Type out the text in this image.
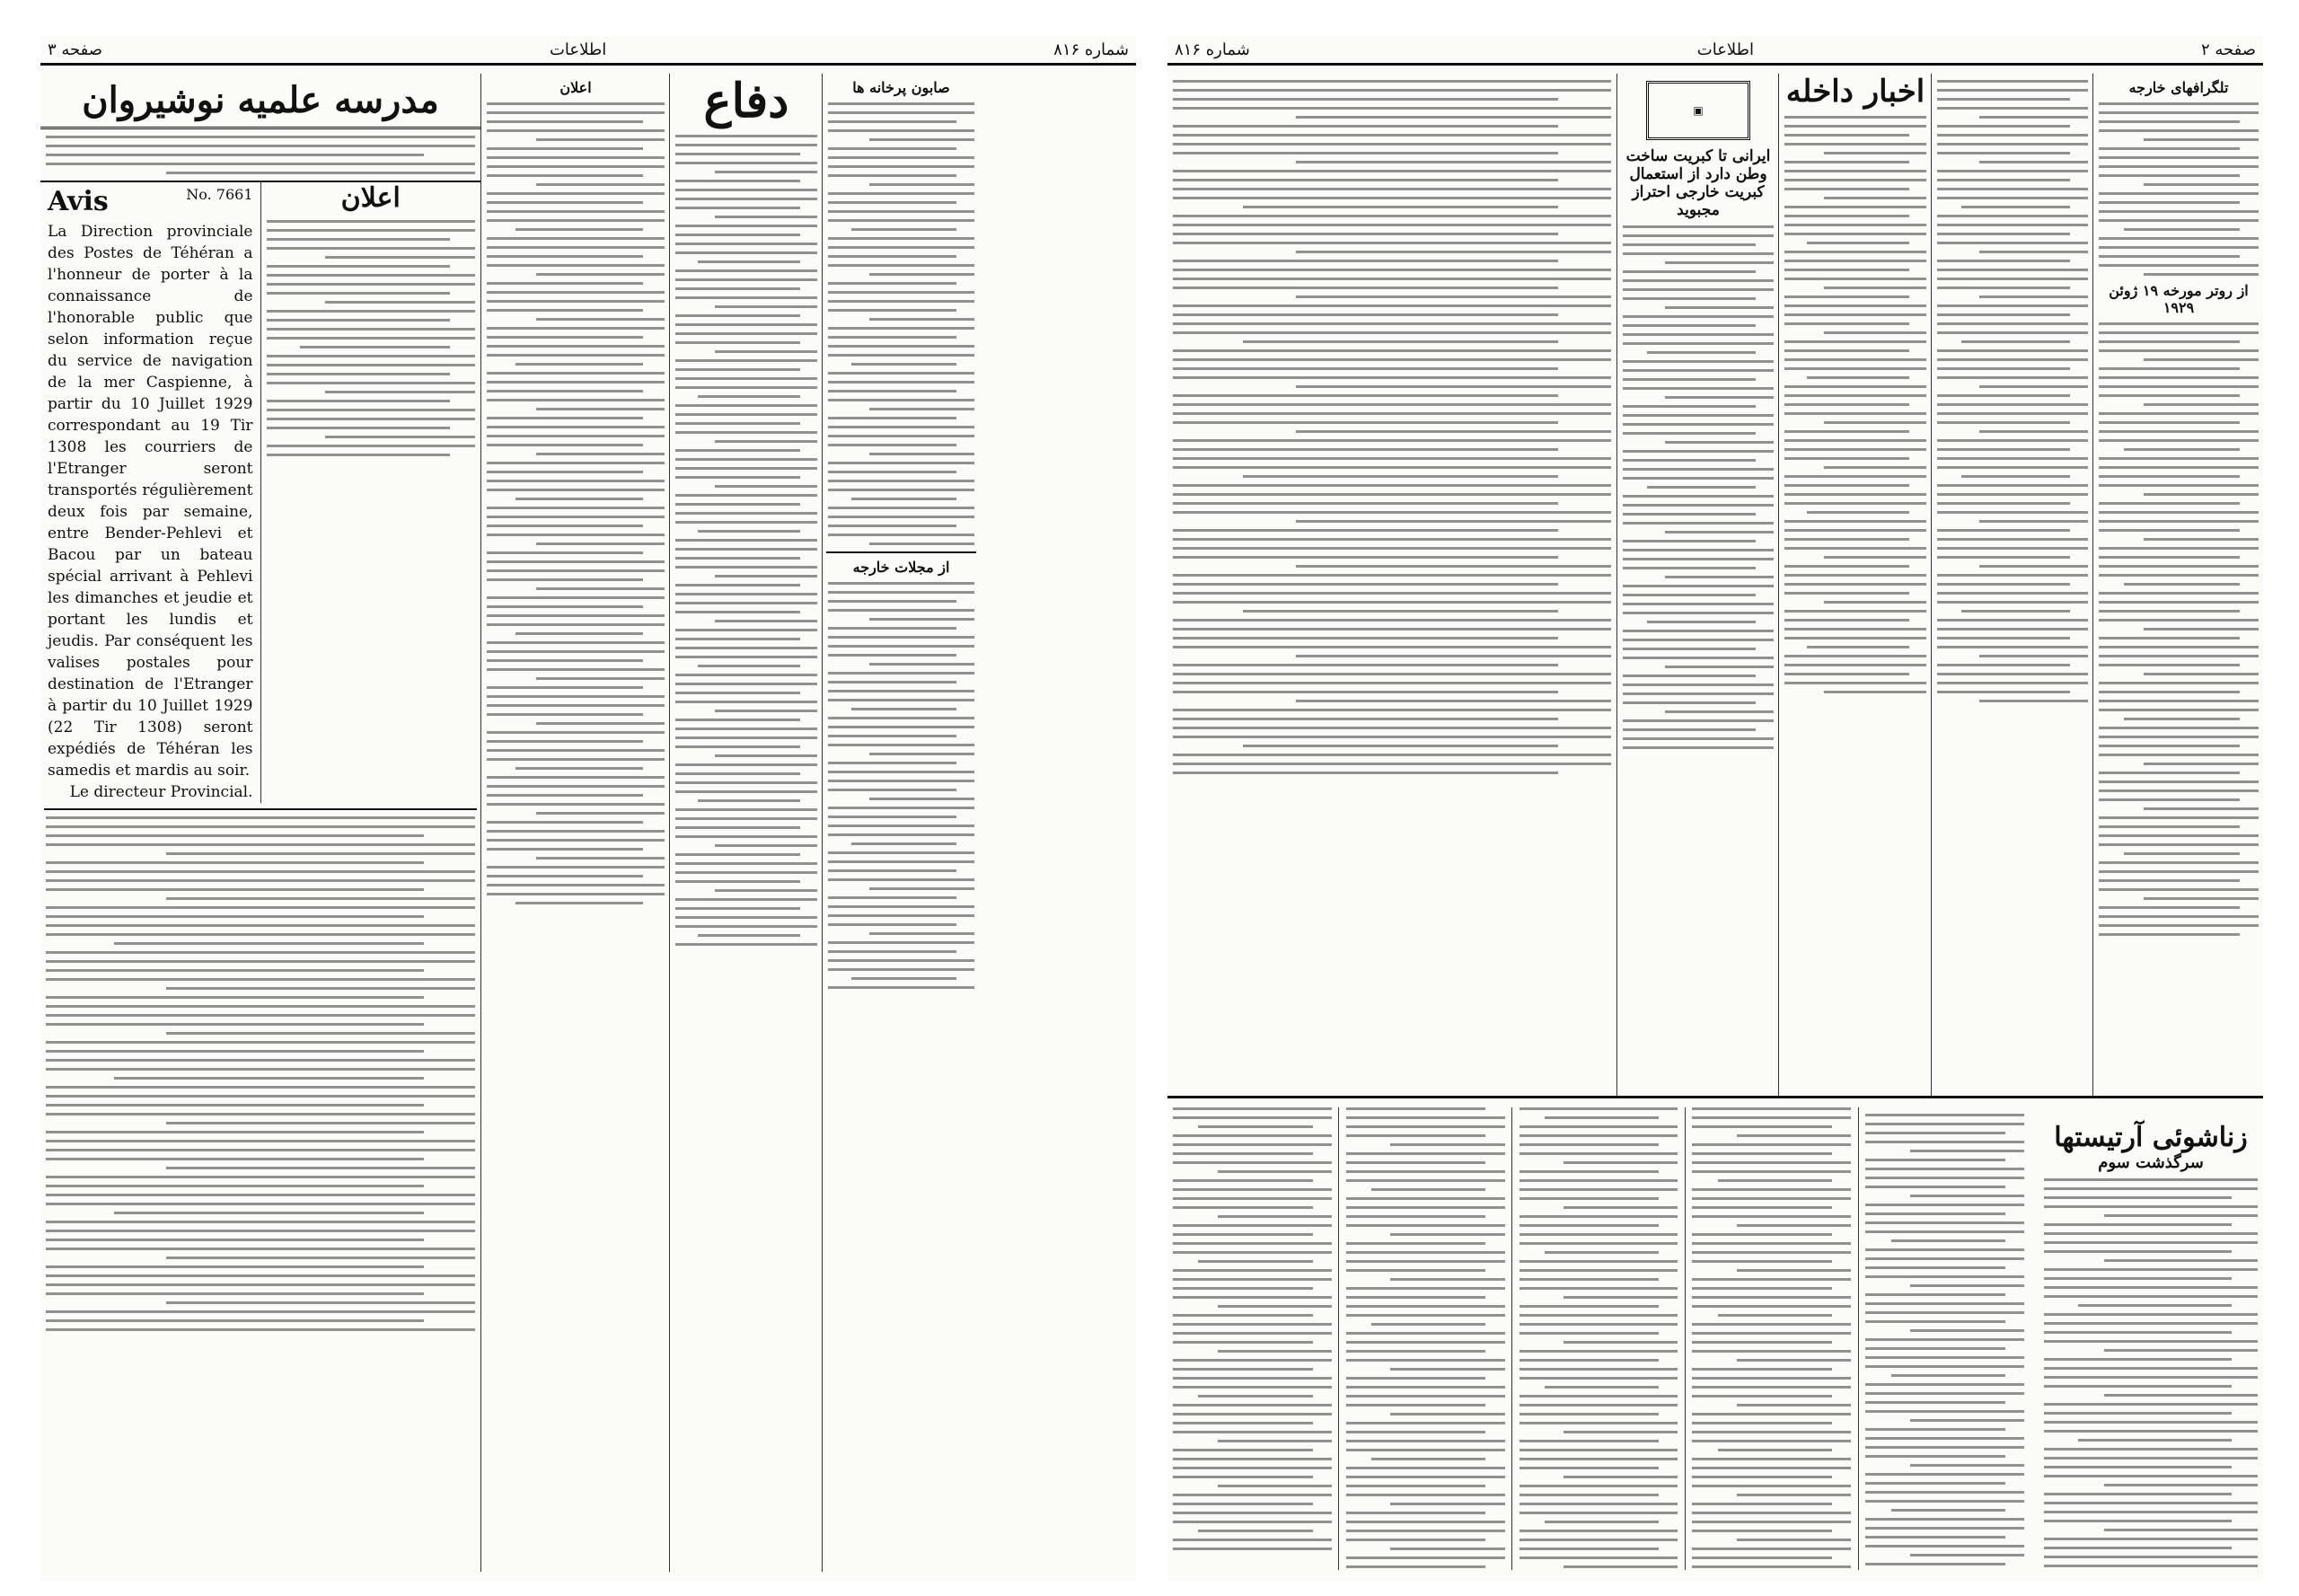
شماره ۸۱۶
اطلاعات
صفحه ۳
صابون پرخانه ها
از مجلات خارجه
دفاع
اعلان
مدرسه علمیه نوشیروان
Avis	No. 7661
La Direction provinciale des Postes de Téhéran a l'honneur de porter à la connaissance de l'honorable public que selon information reçue du service de navigation de la mer Caspienne, à partir du 10 Juillet 1929 correspondant au 19 Tir 1308 les courriers de l'Etranger seront transportés régulièrement deux fois par semaine, entre Bender-Pehlevi et Bacou par un bateau spécial arrivant à Pehlevi les dimanches et jeudie et portant les lundis et jeudis. Par conséquent les valises postales pour destination de l'Etranger à partir du 10 Juillet 1929 (22 Tir 1308) seront expédiés de Téhéran les samedis et mardis au soir.
Le directeur Provincial.
اعلان
صفحه ۲
اطلاعات
شماره ۸۱۶
تلگرافهای خارجه
از روتر مورخه ۱۹ ژوئن ۱۹۲۹
اخبار داخله
▣
ایرانی تا کبریت ساخت وطن دارد از استعمال کبریت خارجی احتراز مجبوید
زناشوئی آرتیستها
سرگذشت سوم
